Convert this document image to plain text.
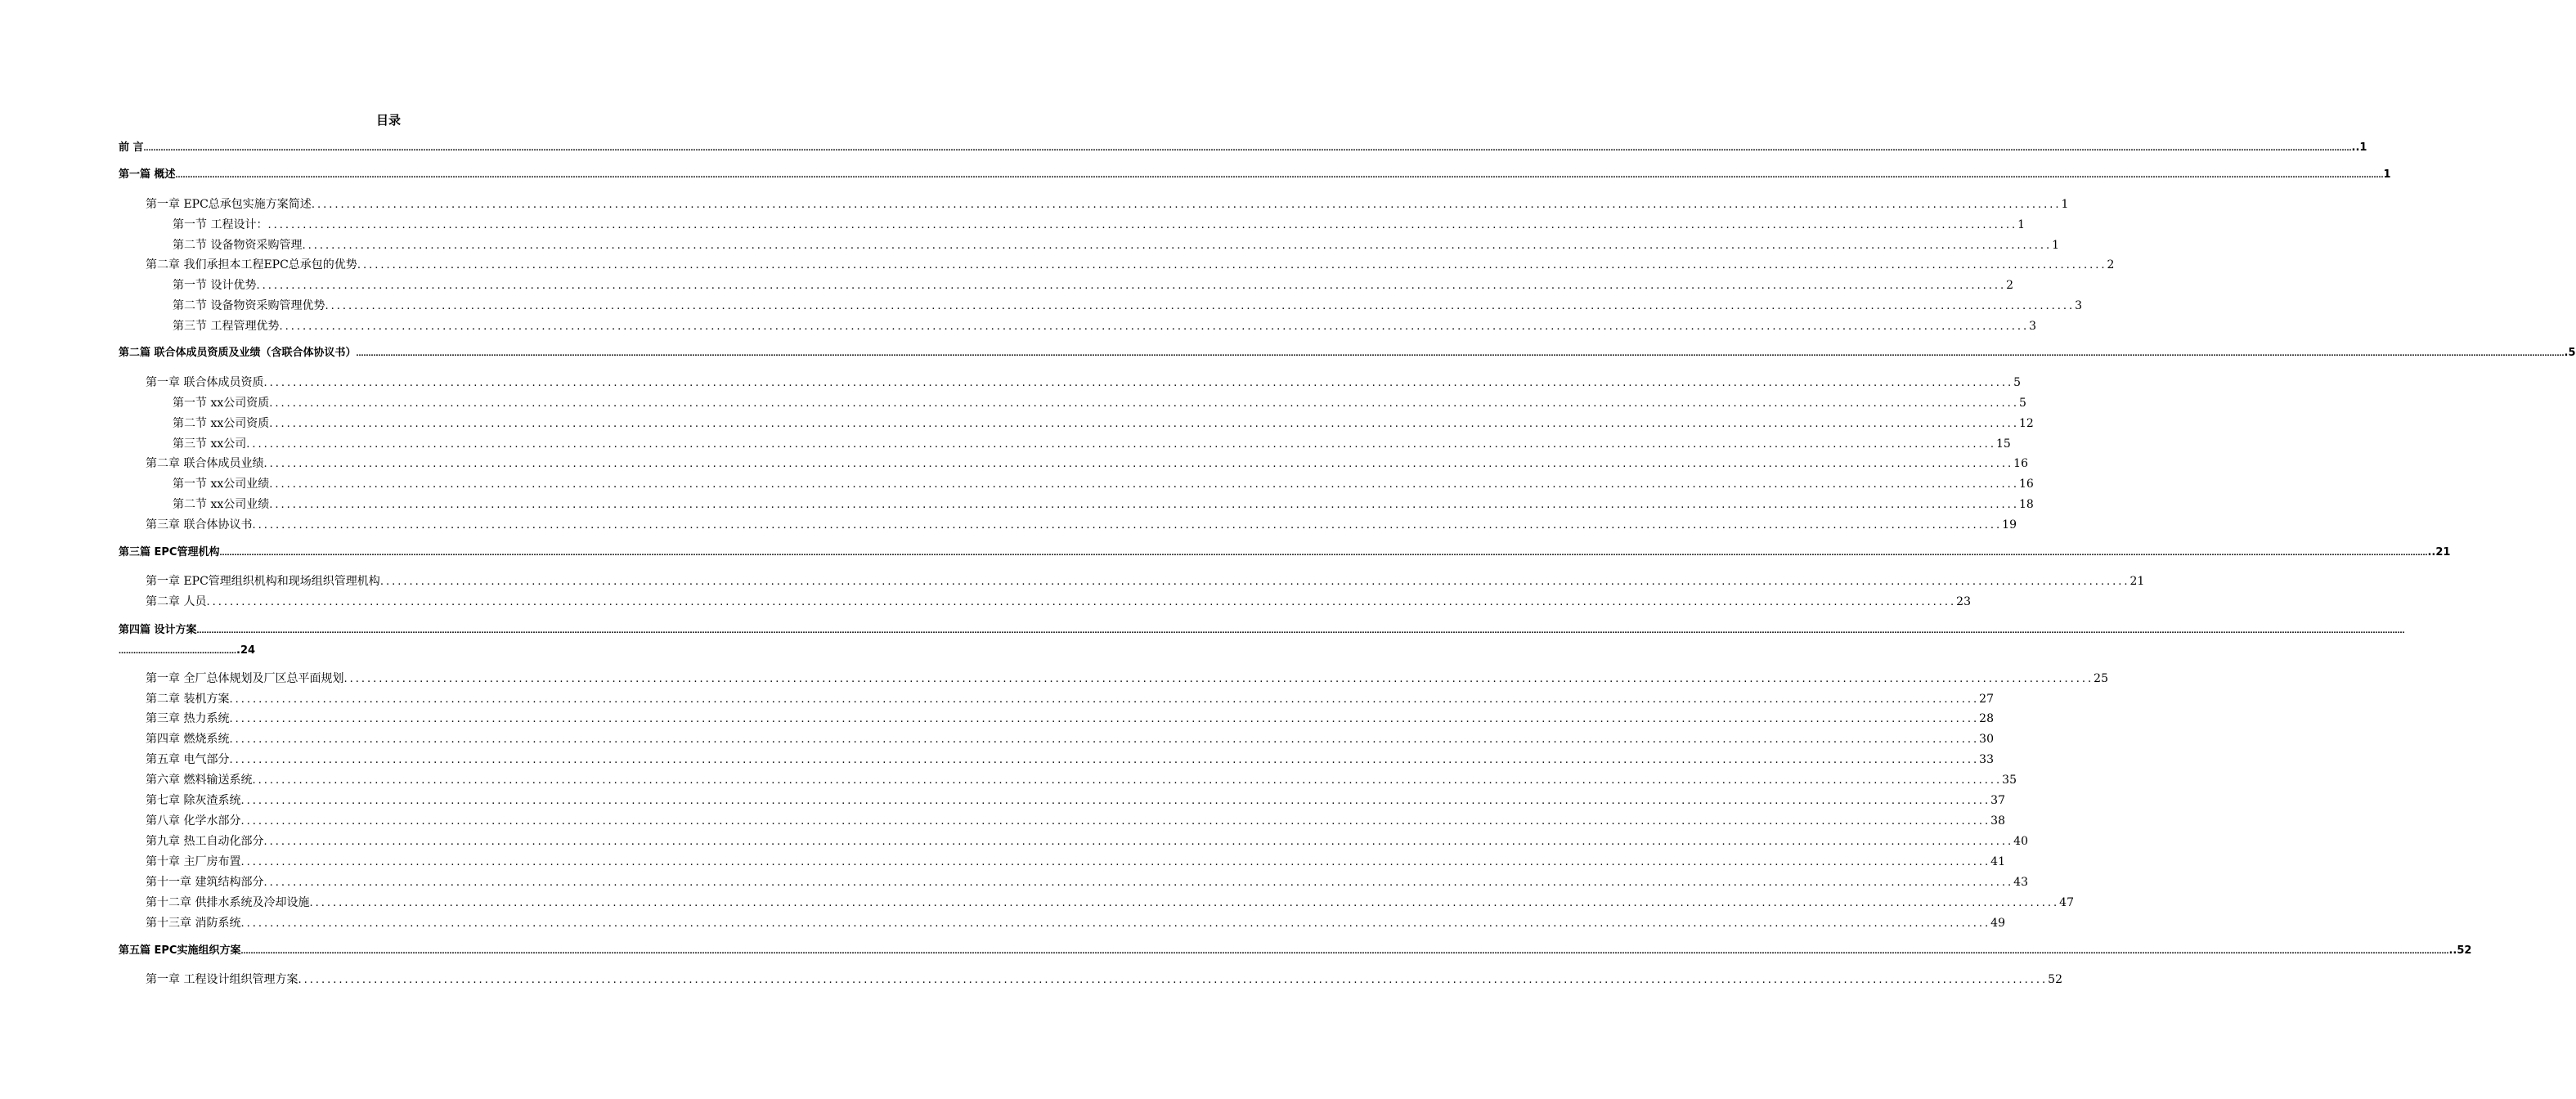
目录
前 言 ……………………………………………………………………………………………………………………………………………………………………………………………………………………………………………………………………………………………………………………………………………………………………………………………………………………………………………………………………………………………………………………………………………………………………………………………………………………………………………………………………………………………………………………………………………………………………………………………………………………………… ..1
第一篇 概述 ……………………………………………………………………………………………………………………………………………………………………………………………………………………………………………………………………………………………………………………………………………………………………………………………………………………………………………………………………………………………………………………………………………………………………………………………………………………………………………………………………………………………………………………………………………………………………………………………………………………………… 1
第一章 EPC总承包实施方案简述 ............................................................................................................................................................................................................................................................................................................ 1
第一节 工程设计： ............................................................................................................................................................................................................................................................................................................ 1
第二节 设备物资采购管理 ............................................................................................................................................................................................................................................................................................................ 1
第二章 我们承担本工程EPC总承包的优势 ............................................................................................................................................................................................................................................................................................................ 2
第一节 设计优势 ............................................................................................................................................................................................................................................................................................................ 2
第二节 设备物资采购管理优势 ............................................................................................................................................................................................................................................................................................................ 3
第三节 工程管理优势 ............................................................................................................................................................................................................................................................................................................ 3
第二篇 联合体成员资质及业绩（含联合体协议书） ……………………………………………………………………………………………………………………………………………………………………………………………………………………………………………………………………………………………………………………………………………………………………………………………………………………………………………………………………………………………………………………………………………………………………………………………………………………………………………………………………………………………………………………………………………………………………………………………………………………………… .5
第一章 联合体成员资质 ............................................................................................................................................................................................................................................................................................................ 5
第一节 xx公司资质 ............................................................................................................................................................................................................................................................................................................ 5
第二节 xx公司资质 ............................................................................................................................................................................................................................................................................................................ 12
第三节 xx公司 ............................................................................................................................................................................................................................................................................................................ 15
第二章 联合体成员业绩 ............................................................................................................................................................................................................................................................................................................ 16
第一节 xx公司业绩 ............................................................................................................................................................................................................................................................................................................ 16
第二节 xx公司业绩 ............................................................................................................................................................................................................................................................................................................ 18
第三章 联合体协议书 ............................................................................................................................................................................................................................................................................................................ 19
第三篇 EPC管理机构 ……………………………………………………………………………………………………………………………………………………………………………………………………………………………………………………………………………………………………………………………………………………………………………………………………………………………………………………………………………………………………………………………………………………………………………………………………………………………………………………………………………………………………………………………………………………………………………………………………………………………… ..21
第一章 EPC管理组织机构和现场组织管理机构 ............................................................................................................................................................................................................................................................................................................ 21
第二章 人员 ............................................................................................................................................................................................................................................................................................................ 23
第四篇 设计方案 ………………………………………………………………………………………………………………………………………………………………………………………………………………………………………………………………………………………………………………………………………………………………………………………………………………………………………………………………………………………………………………………………………………………………………………………………………………………………………………………………………………………………………………………………………………………………………………………………………………………………
………………………………………….24
第一章 全厂总体规划及厂区总平面规划 ............................................................................................................................................................................................................................................................................................................ 25
第二章 装机方案 ............................................................................................................................................................................................................................................................................................................ 27
第三章 热力系统 ............................................................................................................................................................................................................................................................................................................ 28
第四章 燃烧系统 ............................................................................................................................................................................................................................................................................................................ 30
第五章 电气部分 ............................................................................................................................................................................................................................................................................................................ 33
第六章 燃料输送系统 ............................................................................................................................................................................................................................................................................................................ 35
第七章 除灰渣系统 ............................................................................................................................................................................................................................................................................................................ 37
第八章 化学水部分 ............................................................................................................................................................................................................................................................................................................ 38
第九章 热工自动化部分 ............................................................................................................................................................................................................................................................................................................ 40
第十章 主厂房布置 ............................................................................................................................................................................................................................................................................................................ 41
第十一章 建筑结构部分 ............................................................................................................................................................................................................................................................................................................ 43
第十二章 供排水系统及冷却设施 ............................................................................................................................................................................................................................................................................................................ 47
第十三章 消防系统 ............................................................................................................................................................................................................................................................................................................ 49
第五篇 EPC实施组织方案 ……………………………………………………………………………………………………………………………………………………………………………………………………………………………………………………………………………………………………………………………………………………………………………………………………………………………………………………………………………………………………………………………………………………………………………………………………………………………………………………………………………………………………………………………………………………………………………………………………………………………… ..52
第一章 工程设计组织管理方案 ............................................................................................................................................................................................................................................................................................................ 52
